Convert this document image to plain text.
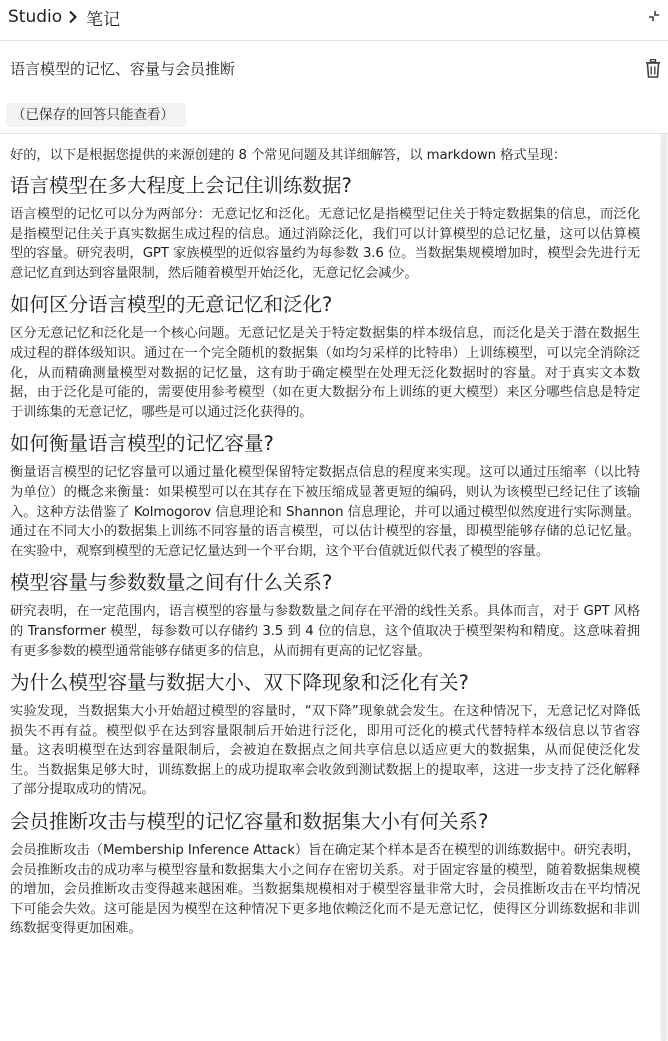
Studio 笔记
语言模型的记忆、容量与会员推断
（已保存的回答只能查看）
好的，以下是根据您提供的来源创建的 8 个常见问题及其详细解答，以 markdown 格式呈现：
语言模型在多大程度上会记住训练数据?

语言模型的记忆可以分为两部分：无意记忆和泛化。无意记忆是指模型记住关于特定数据集的信息，而泛化是指模型记住关于真实数据生成过程的信息。通过消除泛化，我们可以计算模型的总记忆量，这可以估算模型的容量。研究表明，GPT 家族模型的近似容量约为每参数 3.6 位。当数据集规模增加时，模型会先进行无意记忆直到达到容量限制，然后随着模型开始泛化，无意记忆会减少。

如何区分语言模型的无意记忆和泛化?

区分无意记忆和泛化是一个核心问题。无意记忆是关于特定数据集的样本级信息，而泛化是关于潜在数据生成过程的群体级知识。通过在一个完全随机的数据集（如均匀采样的比特串）上训练模型，可以完全消除泛化，从而精确测量模型对数据的记忆量，这有助于确定模型在处理无泛化数据时的容量。对于真实文本数据，由于泛化是可能的，需要使用参考模型（如在更大数据分布上训练的更大模型）来区分哪些信息是特定于训练集的无意记忆，哪些是可以通过泛化获得的。

如何衡量语言模型的记忆容量?

衡量语言模型的记忆容量可以通过量化模型保留特定数据点信息的程度来实现。这可以通过压缩率（以比特为单位）的概念来衡量：如果模型可以在其存在下被压缩成显著更短的编码，则认为该模型已经记住了该输入。这种方法借鉴了 Kolmogorov 信息理论和 Shannon 信息理论，并可以通过模型似然度进行实际测量。通过在不同大小的数据集上训练不同容量的语言模型，可以估计模型的容量，即模型能够存储的总记忆量。在实验中，观察到模型的无意记忆量达到一个平台期，这个平台值就近似代表了模型的容量。

模型容量与参数数量之间有什么关系?

研究表明，在一定范围内，语言模型的容量与参数数量之间存在平滑的线性关系。具体而言，对于 GPT 风格的 Transformer 模型，每参数可以存储约 3.5 到 4 位的信息，这个值取决于模型架构和精度。这意味着拥有更多参数的模型通常能够存储更多的信息，从而拥有更高的记忆容量。

为什么模型容量与数据大小、双下降现象和泛化有关?

实验发现，当数据集大小开始超过模型的容量时，“双下降”现象就会发生。在这种情况下，无意记忆对降低损失不再有益。模型似乎在达到容量限制后开始进行泛化，即用可泛化的模式代替特样本级信息以节省容量。这表明模型在达到容量限制后，会被迫在数据点之间共享信息以适应更大的数据集，从而促使泛化发生。当数据集足够大时，训练数据上的成功提取率会收敛到测试数据上的提取率，这进一步支持了泛化解释了部分提取成功的情况。

会员推断攻击与模型的记忆容量和数据集大小有何关系?

会员推断攻击（Membership Inference Attack）旨在确定某个样本是否在模型的训练数据中。研究表明，会员推断攻击的成功率与模型容量和数据集大小之间存在密切关系。对于固定容量的模型，随着数据集规模的增加，会员推断攻击变得越来越困难。当数据集规模相对于模型容量非常大时，会员推断攻击在平均情况下可能会失效。这可能是因为模型在这种情况下更多地依赖泛化而不是无意记忆，使得区分训练数据和非训练数据变得更加困难。
